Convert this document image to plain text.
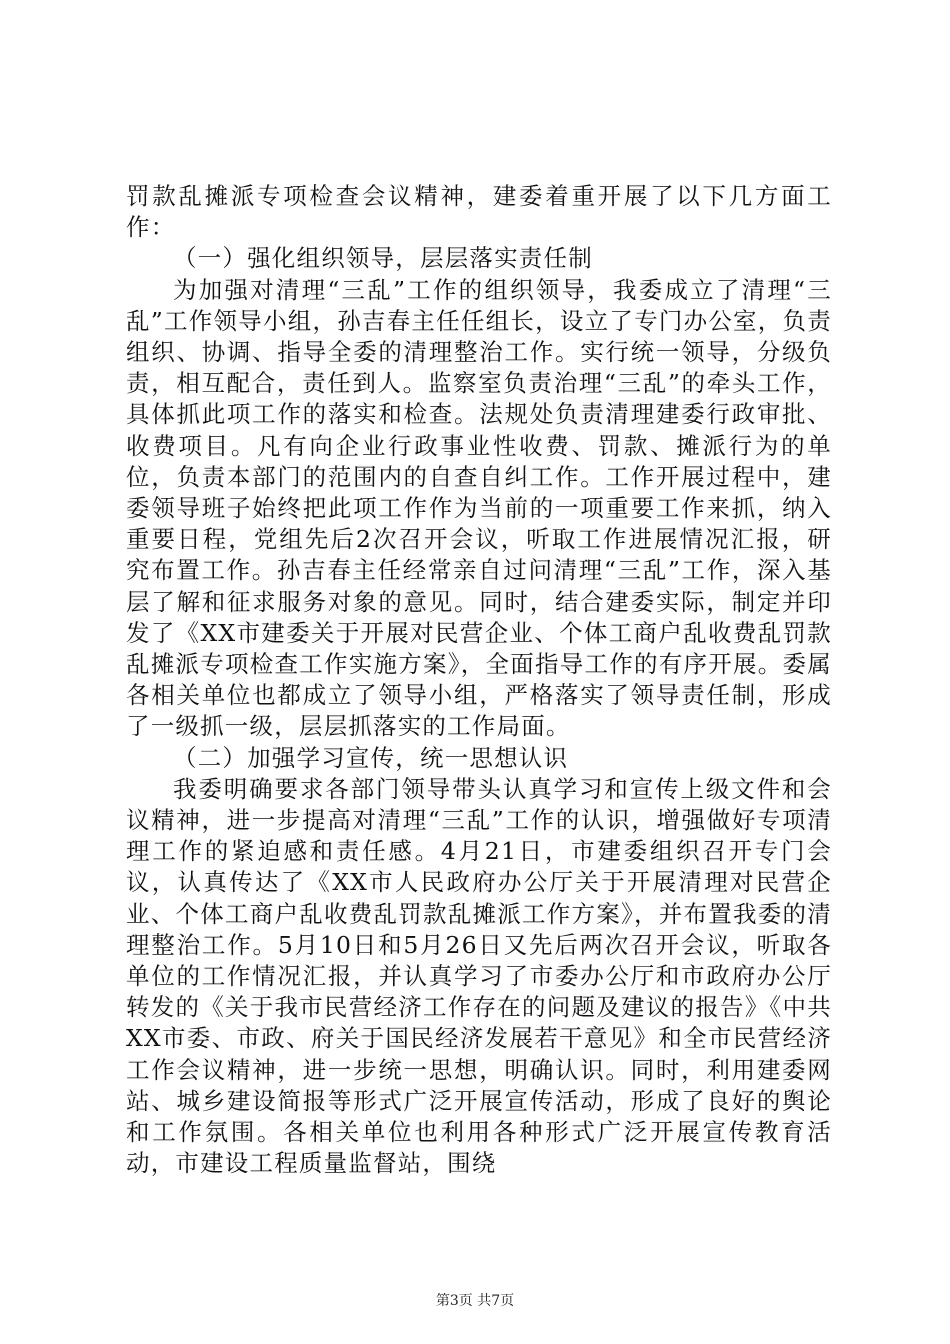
罚款乱摊派专项检查会议精神，建委着重开展了以下几方面工作：

（一）强化组织领导，层层落实责任制

为加强对清理“三乱”工作的组织领导，我委成立了清理“三乱”工作领导小组，孙吉春主任任组长，设立了专门办公室，负责组织、协调、指导全委的清理整治工作。实行统一领导，分级负责，相互配合，责任到人。监察室负责治理“三乱”的牵头工作，具体抓此项工作的落实和检查。法规处负责清理建委行政审批、收费项目。凡有向企业行政事业性收费、罚款、摊派行为的单位，负责本部门的范围内的自查自纠工作。工作开展过程中，建委领导班子始终把此项工作作为当前的一项重要工作来抓，纳入重要日程，党组先后2次召开会议，听取工作进展情况汇报，研究布置工作。孙吉春主任经常亲自过问清理“三乱”工作，深入基层了解和征求服务对象的意见。同时，结合建委实际，制定并印发了《XX市建委关于开展对民营企业、个体工商户乱收费乱罚款乱摊派专项检查工作实施方案》，全面指导工作的有序开展。委属各相关单位也都成立了领导小组，严格落实了领导责任制，形成了一级抓一级，层层抓落实的工作局面。

（二）加强学习宣传，统一思想认识

我委明确要求各部门领导带头认真学习和宣传上级文件和会议精神，进一步提高对清理“三乱”工作的认识，增强做好专项清理工作的紧迫感和责任感。4月21日，市建委组织召开专门会议，认真传达了《XX市人民政府办公厅关于开展清理对民营企业、个体工商户乱收费乱罚款乱摊派工作方案》，并布置我委的清理整治工作。5月10日和5月26日又先后两次召开会议，听取各单位的工作情况汇报，并认真学习了市委办公厅和市政府办公厅转发的《关于我市民营经济工作存在的问题及建议的报告》《中共XX市委、市政、府关于国民经济发展若干意见》和全市民营经济工作会议精神，进一步统一思想，明确认识。同时，利用建委网站、城乡建设简报等形式广泛开展宣传活动，形成了良好的舆论和工作氛围。各相关单位也利用各种形式广泛开展宣传教育活动，市建设工程质量监督站，围绕

第3页 共7页
